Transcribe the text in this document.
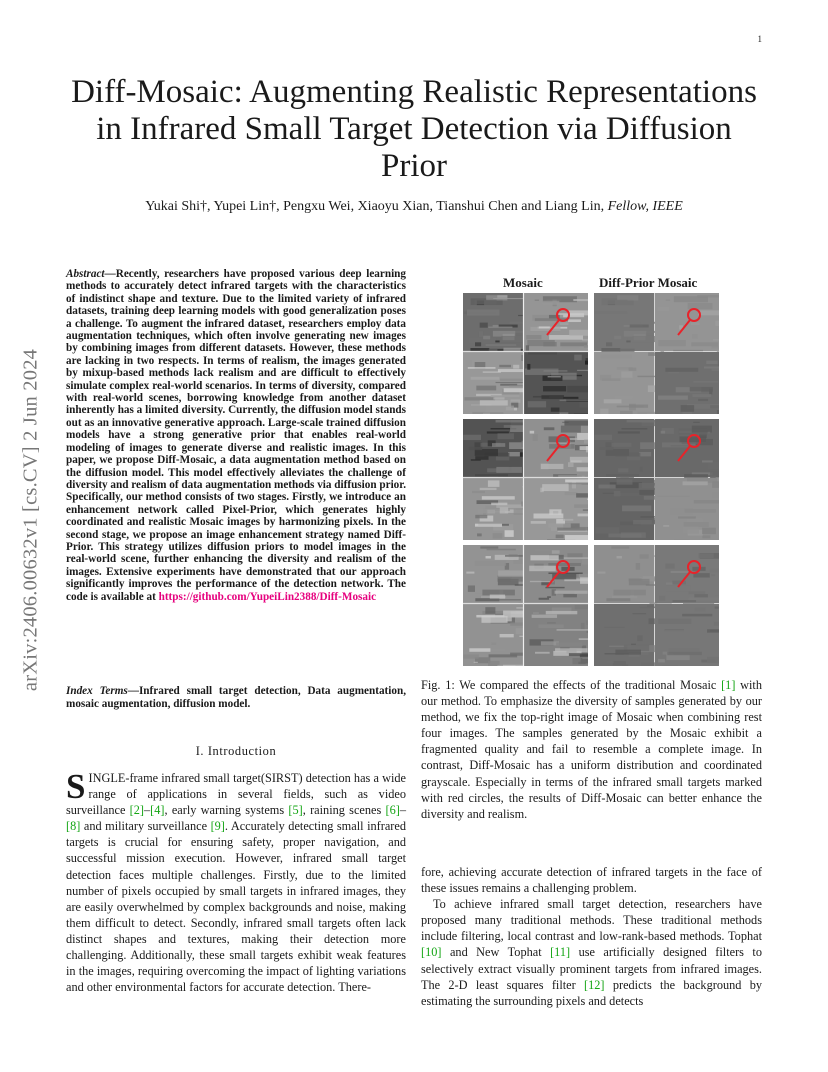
1
arXiv:2406.00632v1 [cs.CV] 2 Jun 2024
Diff-Mosaic: Augmenting Realistic Representations in Infrared Small Target Detection via Diffusion Prior
Yukai Shi†, Yupei Lin†, Pengxu Wei, Xiaoyu Xian, Tianshui Chen and Liang Lin, Fellow, IEEE
Abstract—Recently, researchers have proposed various deep learning methods to accurately detect infrared targets with the characteristics of indistinct shape and texture. Due to the limited variety of infrared datasets, training deep learning models with good generalization poses a challenge. To augment the infrared dataset, researchers employ data augmentation techniques, which often involve generating new images by combining images from different datasets. However, these methods are lacking in two respects. In terms of realism, the images generated by mixup-based methods lack realism and are difficult to effectively simulate complex real-world scenarios. In terms of diversity, compared with real-world scenes, borrowing knowledge from another dataset inherently has a limited diversity. Currently, the diffusion model stands out as an innovative generative approach. Large-scale trained diffusion models have a strong generative prior that enables real-world modeling of images to generate diverse and realistic images. In this paper, we propose Diff-Mosaic, a data augmentation method based on the diffusion model. This model effectively alleviates the challenge of diversity and realism of data augmentation methods via diffusion prior. Specifically, our method consists of two stages. Firstly, we introduce an enhancement network called Pixel-Prior, which generates highly coordinated and realistic Mosaic images by harmonizing pixels. In the second stage, we propose an image enhancement strategy named Diff-Prior. This strategy utilizes diffusion priors to model images in the real-world scene, further enhancing the diversity and realism of the images. Extensive experiments have demonstrated that our approach significantly improves the performance of the detection network. The code is available at https://github.com/YupeiLin2388/Diff-Mosaic
Index Terms—Infrared small target detection, Data augmentation, mosaic augmentation, diffusion model.
I. Introduction
SINGLE-frame infrared small target(SIRST) detection has a wide range of applications in several fields, such as video surveillance [2]–[4], early warning systems [5], raining scenes [6]–[8] and military surveillance [9]. Accurately detecting small infrared targets is crucial for ensuring safety, proper navigation, and successful mission execution. However, infrared small target detection faces multiple challenges. Firstly, due to the limited number of pixels occupied by small targets in infrared images, they are easily overwhelmed by complex backgrounds and noise, making them difficult to detect. Secondly, infrared small targets often lack distinct shapes and textures, making their detection more challenging. Additionally, these small targets exhibit weak features in the images, requiring overcoming the impact of lighting variations and other environmental factors for accurate detection. There-
Mosaic	Diff-Prior Mosaic
Fig. 1: We compared the effects of the traditional Mosaic [1] with our method. To emphasize the diversity of samples generated by our method, we fix the top-right image of Mosaic when combining rest four images. The samples generated by the Mosaic exhibit a fragmented quality and fail to resemble a complete image. In contrast, Diff-Mosaic has a uniform distribution and coordinated grayscale. Especially in terms of the infrared small targets marked with red circles, the results of Diff-Mosaic can better enhance the diversity and realism.

fore, achieving accurate detection of infrared targets in the face of these issues remains a challenging problem.

To achieve infrared small target detection, researchers have proposed many traditional methods. These traditional methods include filtering, local contrast and low-rank-based methods. Tophat [10] and New Tophat [11] use artificially designed filters to selectively extract visually prominent targets from infrared images. The 2-D least squares filter [12] predicts the background by estimating the surrounding pixels and detects
